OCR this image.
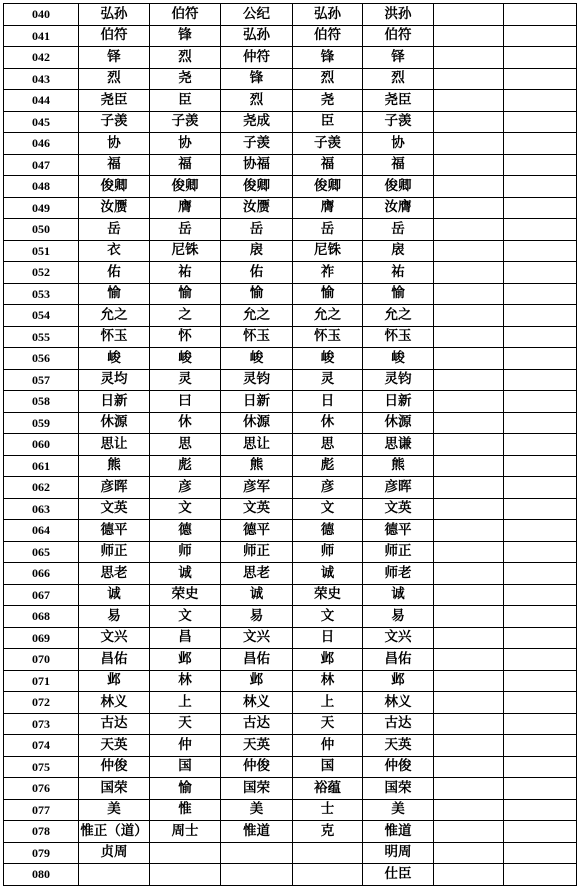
040	弘孙	伯符	公纪	弘孙	洪孙		
041	伯符	锋	弘孙	伯符	伯符		
042	铎	烈	仲符	锋	铎		
043	烈	尧	锋	烈	烈		
044	尧臣	臣	烈	尧	尧臣		
045	子羡	子羡	尧成	臣	子羡		
046	协	协	子羡	子羡	协		
047	福	福	协福	福	福		
048	俊卿	俊卿	俊卿	俊卿	俊卿		
049	汝赝	膺	汝赝	膺	汝膺		
050	岳	岳	岳	岳	岳		
051	衣	尼铢	扆	尼铢	扆		
052	佑	祐	佑	祚	祐		
053	愉	愉	愉	愉	愉		
054	允之	之	允之	允之	允之		
055	怀玉	怀	怀玉	怀玉	怀玉		
056	峻	峻	峻	峻	峻		
057	灵均	灵	灵钧	灵	灵钧		
058	日新	曰	日新	日	日新		
059	休源	休	休源	休	休源		
060	思让	思	思让	思	思谦		
061	熊	彪	熊	彪	熊		
062	彦晖	彦	彦军	彦	彦晖		
063	文英	文	文英	文	文英		
064	德平	德	德平	德	德平		
065	师正	师	师正	师	师正		
066	思老	诚	思老	诚	师老		
067	诚	荣史	诚	荣史	诚		
068	易	文	易	文	易		
069	文兴	昌	文兴	日	文兴		
070	昌佑	邺	昌佑	邺	昌佑		
071	邺	林	邺	林	邺		
072	林义	上	林义	上	林义		
073	古达	天	古达	天	古达		
074	天英	仲	天英	仲	天英		
075	仲俊	国	仲俊	国	仲俊		
076	国荣	愉	国荣	裕蕴	国荣		
077	美	惟	美	士	美		
078	惟正（道）	周士	惟道	克	惟道		
079	贞周				明周		
080					仕臣		
